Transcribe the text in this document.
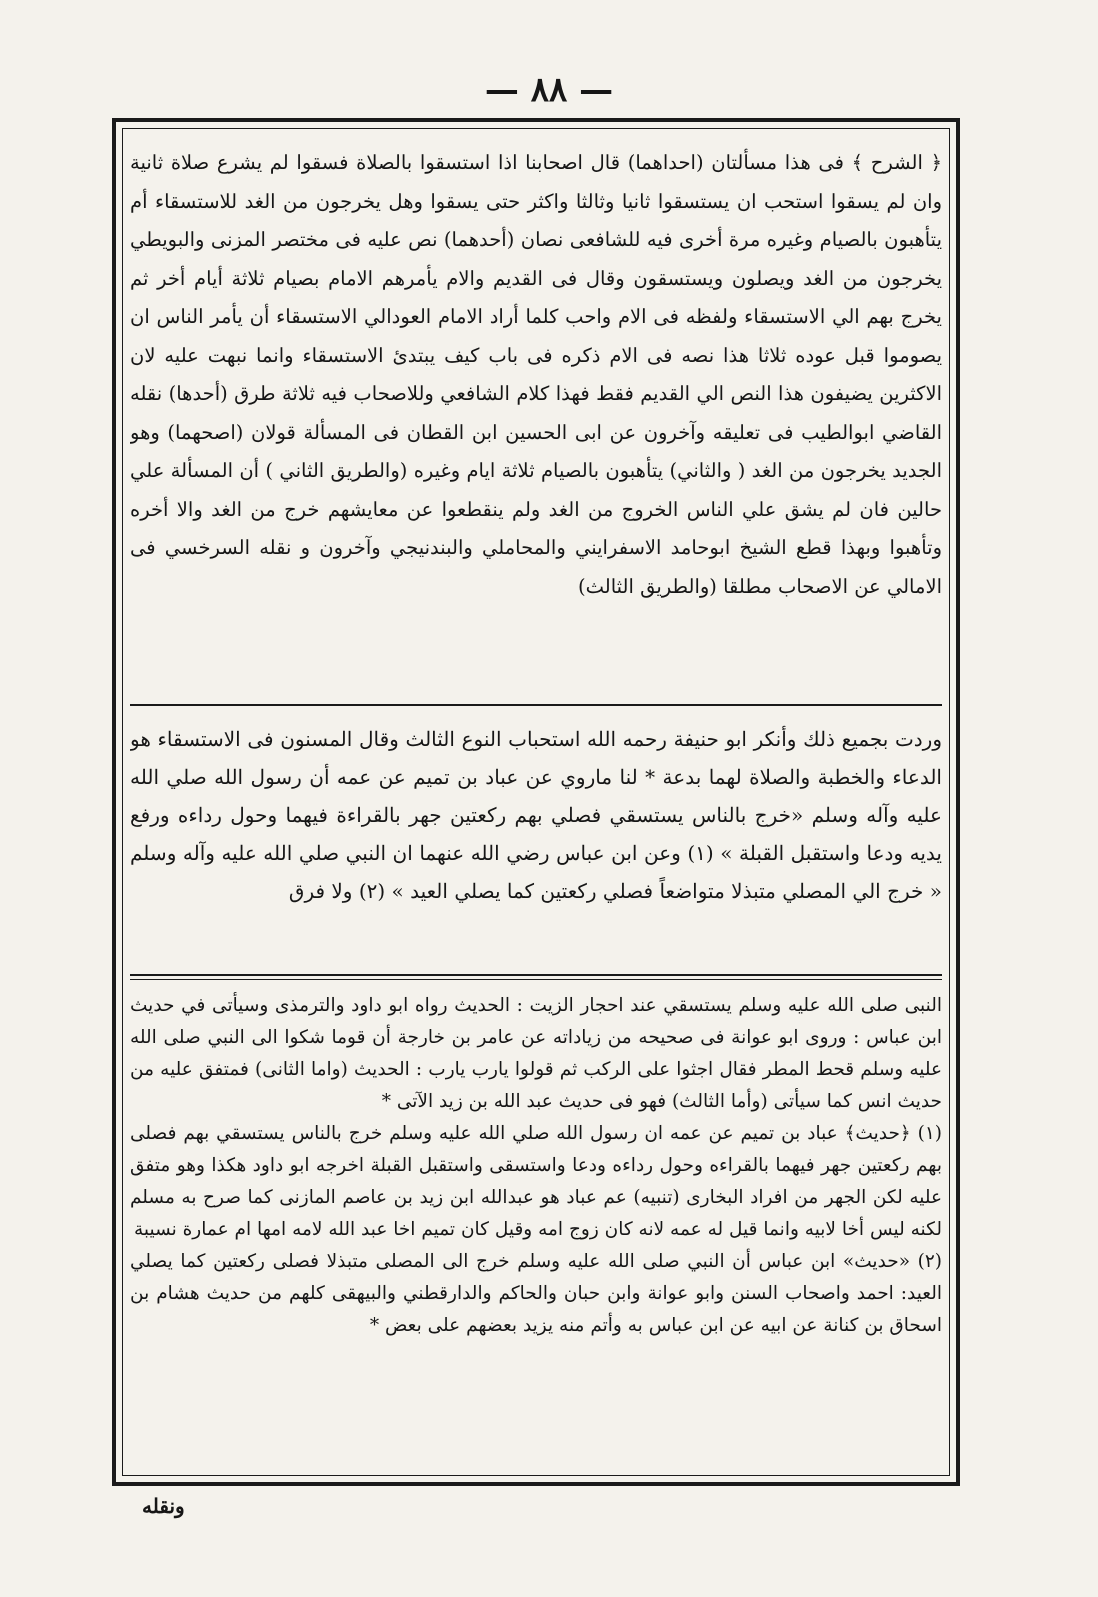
— ۸۸ —

﴿ الشرح ﴾ فى هذا مسألتان (احداهما) قال اصحابنا اذا استسقوا بالصلاة فسقوا لم يشرع صلاة ثانية وان لم يسقوا استحب ان يستسقوا ثانيا وثالثا واكثر حتى يسقوا وهل يخرجون من الغد للاستسقاء أم يتأهبون بالصيام وغيره مرة أخرى فيه للشافعى نصان (أحدهما) نص عليه فى مختصر المزنى والبويطي يخرجون من الغد ويصلون ويستسقون وقال فى القديم والام يأمرهم الامام بصيام ثلاثة أيام أخر ثم يخرج بهم الي الاستسقاء ولفظه فى الام واحب كلما أراد الامام العودالي الاستسقاء أن يأمر الناس ان يصوموا قبل عوده ثلاثا هذا نصه فى الام ذكره فى باب كيف يبتدئ الاستسقاء وانما نبهت عليه لان الاكثرين يضيفون هذا النص الي القديم فقط فهذا كلام الشافعي وللاصحاب فيه ثلاثة طرق (أحدها) نقله القاضي ابوالطيب فى تعليقه وآخرون عن ابى الحسين ابن القطان فى المسألة قولان (اصحهما) وهو الجديد يخرجون من الغد ( والثاني) يتأهبون بالصيام ثلاثة ايام وغيره (والطريق الثاني ) أن المسألة علي حالين فان لم يشق علي الناس الخروج من الغد ولم ينقطعوا عن معايشهم خرج من الغد والا أخره وتأهبوا وبهذا قطع الشيخ ابوحامد الاسفرايني والمحاملي والبندنيجي وآخرون و نقله السرخسي فى الامالي عن الاصحاب مطلقا (والطريق الثالث)

وردت بجميع ذلك وأنكر ابو حنيفة رحمه الله استحباب النوع الثالث وقال المسنون فى الاستسقاء هو الدعاء والخطبة والصلاة لهما بدعة * لنا ماروي عن عباد بن تميم عن عمه أن رسول الله صلي الله عليه وآله وسلم «خرج بالناس يستسقي فصلي بهم ركعتين جهر بالقراءة فيهما وحول رداءه ورفع يديه ودعا واستقبل القبلة » (١) وعن ابن عباس رضي الله عنهما ان النبي صلي الله عليه وآله وسلم « خرج الي المصلي متبذلا متواضعاً فصلي ركعتين كما يصلي العيد » (٢) ولا فرق

النبى صلى الله عليه وسلم يستسقي عند احجار الزيت : الحديث رواه ابو داود والترمذى وسيأتى في حديث ابن عباس : وروى ابو عوانة فى صحيحه من زياداته عن عامر بن خارجة أن قوما شكوا الى النبي صلى الله عليه وسلم قحط المطر فقال اجثوا على الركب ثم قولوا يارب يارب : الحديث (واما الثانى) فمتفق عليه من حديث انس كما سيأتى (وأما الثالث) فهو فى حديث عبد الله بن زيد الآتى *

(١) ﴿حديث﴾ عباد بن تميم عن عمه ان رسول الله صلي الله عليه وسلم خرج بالناس يستسقي بهم فصلى بهم ركعتين جهر فيهما بالقراءه وحول رداءه ودعا واستسقى واستقبل القبلة اخرجه ابو داود هكذا وهو متفق عليه لكن الجهر من افراد البخارى (تنبيه) عم عباد هو عبدالله ابن زيد بن عاصم المازنى كما صرح به مسلم لكنه ليس أخا لابيه وانما قيل له عمه لانه كان زوج امه وقيل كان تميم اخا عبد الله لامه امها ام عمارة نسيبة

(٢) «حديث» ابن عباس أن النبي صلى الله عليه وسلم خرج الى المصلى متبذلا فصلى ركعتين كما يصلي العيد: احمد واصحاب السنن وابو عوانة وابن حبان والحاكم والدارقطني والبيهقى كلهم من حديث هشام بن اسحاق بن كنانة عن ابيه عن ابن عباس به وأتم منه يزيد بعضهم على بعض *

ونقله
